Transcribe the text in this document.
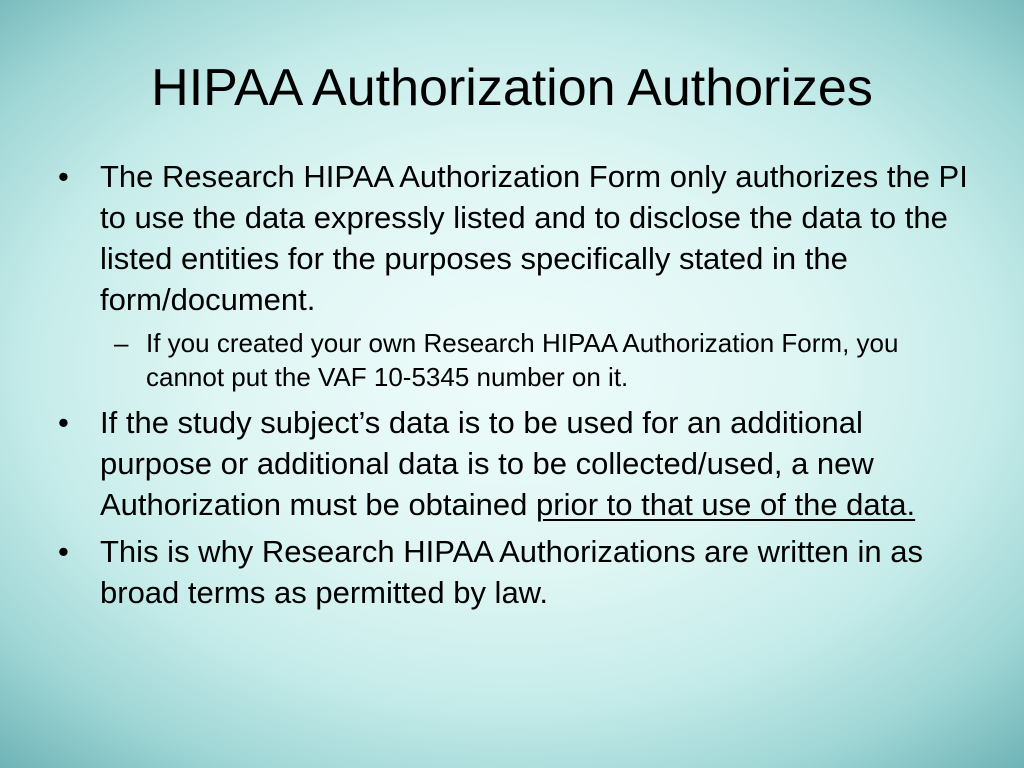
HIPAA Authorization Authorizes

• The Research HIPAA Authorization Form only authorizes the PI to use the data expressly listed and to disclose the data to the listed entities for the purposes specifically stated in the form/document.

– If you created your own Research HIPAA Authorization Form, you cannot put the VAF 10-5345 number on it.

• If the study subject’s data is to be used for an additional purpose or additional data is to be collected/used, a new Authorization must be obtained prior to that use of the data.

• This is why Research HIPAA Authorizations are written in as broad terms as permitted by law.
